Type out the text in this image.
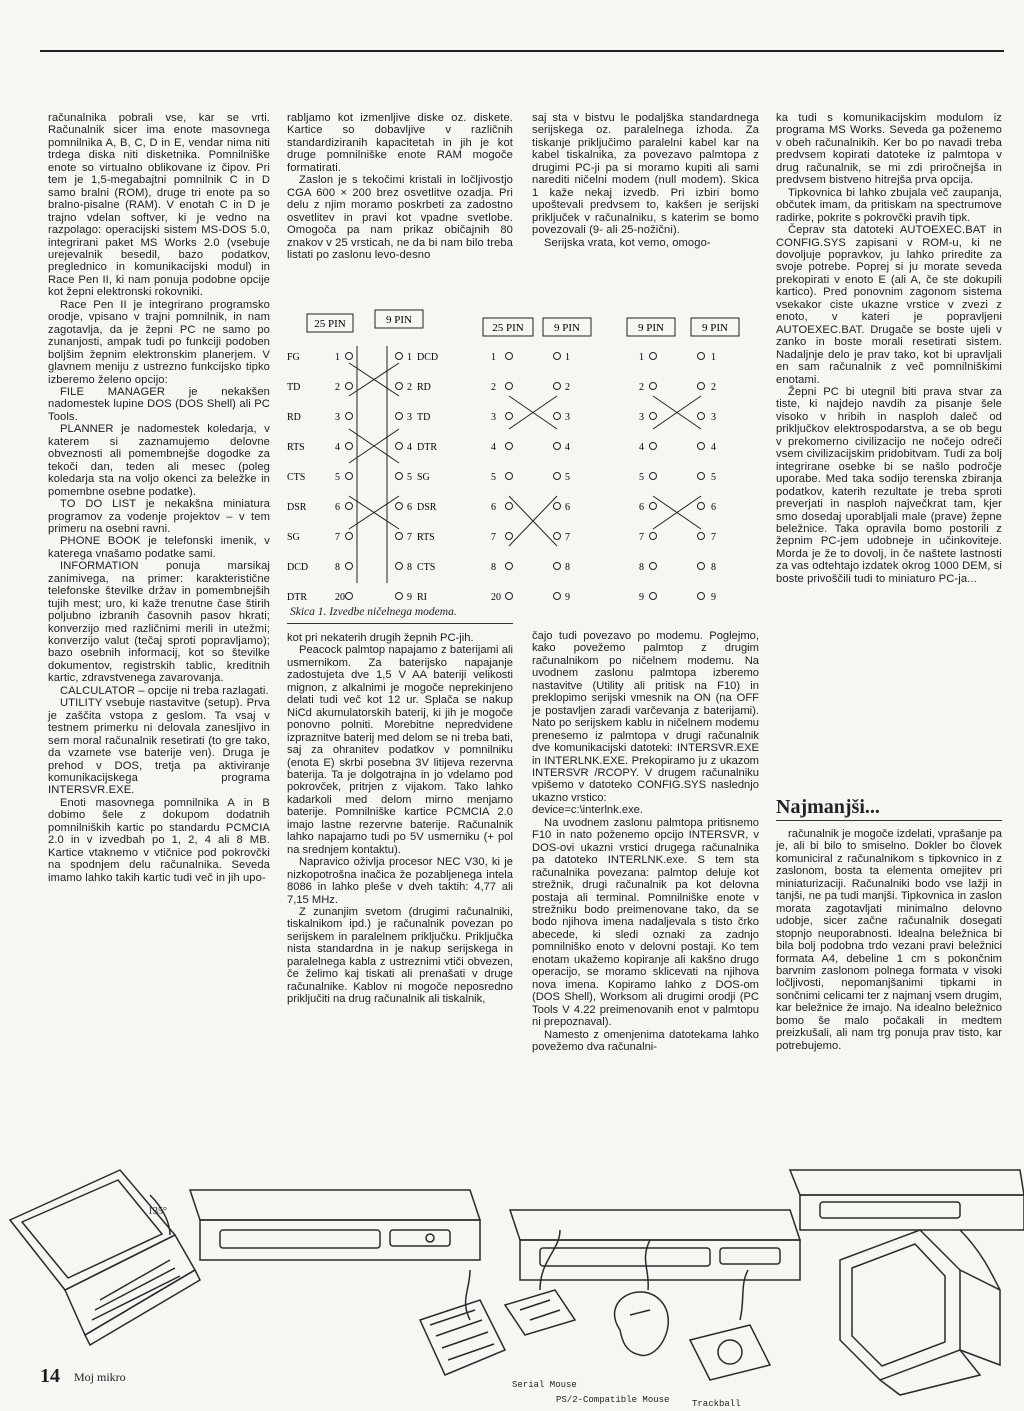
računalnika pobrali vse, kar se vrti. Računalnik sicer ima enote masovnega pomnilnika A, B, C, D in E, vendar nima niti trdega diska niti disketnika. Pomnilniške enote so virtualno oblikovane iz čipov. Pri tem je 1,5-megabajtni pomnilnik C in D samo bralni (ROM), druge tri enote pa so bralno-pisalne (RAM). V enotah C in D je trajno vdelan softver, ki je vedno na razpolago: operacijski sistem MS-DOS 5.0, integrirani paket MS Works 2.0 (vsebuje urejevalnik besedil, bazo podatkov, preglednico in komunikacijski modul) in Race Pen II, ki nam ponuja podobne opcije kot žepni elektronski rokovniki.

Race Pen II je integrirano programsko orodje, vpisano v trajni pomnilnik, in nam zagotavlja, da je žepni PC ne samo po zunanjosti, ampak tudi po funkciji podoben boljšim žepnim elektronskim planerjem. V glavnem meniju z ustrezno funkcijsko tipko izberemo želeno opcijo:

FILE MANAGER je nekakšen nadomestek lupine DOS (DOS Shell) ali PC Tools.

PLANNER je nadomestek koledarja, v katerem si zaznamujemo delovne obveznosti ali pomembnejše dogodke za tekoči dan, teden ali mesec (poleg koledarja sta na voljo okenci za beležke in pomembne osebne podatke).

TO DO LIST je nekakšna miniatura programov za vodenje projektov – v tem primeru na osebni ravni.

PHONE BOOK je telefonski imenik, v katerega vnašamo podatke sami.

INFORMATION ponuja marsikaj zanimivega, na primer: karakteristične telefonske številke držav in pomembnejših tujih mest; uro, ki kaže trenutne čase štirih poljubno izbranih časovnih pasov hkrati; konverzijo med različnimi merili in utežmi; konverzijo valut (tečaj sproti popravljamo); bazo osebnih informacij, kot so številke dokumentov, registrskih tablic, kreditnih kartic, zdravstvenega zavarovanja.

CALCULATOR – opcije ni treba razlagati.

UTILITY vsebuje nastavitve (setup). Prva je zaščita vstopa z geslom. Ta vsaj v testnem primerku ni delovala zanesljivo in sem moral računalnik resetirati (to gre tako, da vzamete vse baterije ven). Druga je prehod v DOS, tretja pa aktiviranje komunikacijskega programa INTERSVR.EXE.

Enoti masovnega pomnilnika A in B dobimo šele z dokupom dodatnih pomnilniških kartic po standardu PCMCIA 2.0 in v izvedbah po 1, 2, 4 ali 8 MB. Kartice vtaknemo v vtičnice pod pokrovčki na spodnjem delu računalnika. Seveda imamo lahko takih kartic tudi več in jih upo-

rabljamo kot izmenljive diske oz. diskete. Kartice so dobavljive v različnih standardiziranih kapacitetah in jih je kot druge pomnilniške enote RAM mogoče formatirati.

Zaslon je s tekočimi kristali in ločljivostjo CGA 600 × 200 brez osvetlitve ozadja. Pri delu z njim moramo poskrbeti za zadostno osvetlitev in pravi kot vpadne svetlobe. Omogoča pa nam prikaz običajnih 80 znakov v 25 vrsticah, ne da bi nam bilo treba listati po zaslonu levo-desno

saj sta v bistvu le podaljška standardnega serijskega oz. paralelnega izhoda. Za tiskanje priključimo paralelni kabel kar na kabel tiskalnika, za povezavo palmtopa z drugimi PC-ji pa si moramo kupiti ali sami narediti ničelni modem (null modem). Skica 1 kaže nekaj izvedb. Pri izbiri bomo upoštevali predvsem to, kakšen je serijski priključek v računalniku, s katerim se bomo povezovali (9- ali 25-nožični).

Serijska vrata, kot vemo, omogo-

ka tudi s komunikacijskim modulom iz programa MS Works. Seveda ga poženemo v obeh računalnikih. Ker bo po navadi treba predvsem kopirati datoteke iz palmtopa v drug računalnik, se mi zdi priročnejša in predvsem bistveno hitrejša prva opcija.

Tipkovnica bi lahko zbujala več zaupanja, občutek imam, da pritiskam na spectrumove radirke, pokrite s pokrovčki pravih tipk.

Čeprav sta datoteki AUTOEXEC.BAT in CONFIG.SYS zapisani v ROM-u, ki ne dovoljuje popravkov, ju lahko priredite za svoje potrebe. Poprej si ju morate seveda prekopirati v enoto E (ali A, če ste dokupili kartico). Pred ponovnim zagonom sistema vsekakor ciste ukazne vrstice v zvezi z enoto, v kateri je popravljeni AUTOEXEC.BAT. Drugače se boste ujeli v zanko in boste morali resetirati sistem. Nadaljnje delo je prav tako, kot bi upravljali en sam računalnik z več pomnilniškimi enotami.

Žepni PC bi utegnil biti prava stvar za tiste, ki najdejo navdih za pisanje šele visoko v hribih in nasploh daleč od priključkov elektrospodarstva, a se ob begu v prekomerno civilizacijo ne nočejo odreči vsem civilizacijskim pridobitvam. Tudi za bolj integrirane osebke bi se našlo področje uporabe. Med taka sodijo terenska zbiranja podatkov, katerih rezultate je treba sproti preverjati in nasploh največkrat tam, kjer smo dosedaj uporabljali male (prave) žepne beležnice. Taka opravila bomo postorili z žepnim PC-jem udobneje in učinkoviteje. Morda je že to dovolj, in če naštete lastnosti za vas odtehtajo izdatek okrog 1000 DEM, si boste privoščili tudi to miniaturo PC-ja...

25 PIN	9 PIN
FG	1	1 DCD
TD	2	2 RD
RD	3	3 TD
RTS	4	4 DTR
CTS	5	5 SG
DSR	6	6 DSR
SG	7	7 RTS
DCD	8	8 CTS
DTR	20	9 RI
25 PIN	9 PIN
1	1
2	2
3	3
4	4
5	5
6	6
7	7
8	8
20	9
9 PIN	9 PIN
1	1
2	2
3	3
4	4
5	5
6	6
7	7
8	8
9	9
Skica 1. Izvedbe ničelnega modema.

kot pri nekaterih drugih žepnih PC-jih.

Peacock palmtop napajamo z baterijami ali usmernikom. Za baterijsko napajanje zadostujeta dve 1,5 V AA bateriji velikosti mignon, z alkalnimi je mogoče neprekinjeno delati tudi več kot 12 ur. Splača se nakup NiCd akumulatorskih baterij, ki jih je mogoče ponovno polniti. Morebitne nepredvidene izpraznitve baterij med delom se ni treba bati, saj za ohranitev podatkov v pomnilniku (enota E) skrbi posebna 3V litijeva rezervna baterija. Ta je dolgotrajna in jo vdelamo pod pokrovček, pritrjen z vijakom. Tako lahko kadarkoli med delom mirno menjamo baterije. Pomnilniške kartice PCMCIA 2.0 imajo lastne rezervne baterije. Računalnik lahko napajamo tudi po 5V usmerniku (+ pol na srednjem kontaktu).

Napravico oživlja procesor NEC V30, ki je nizkopotrošna inačica že pozabljenega intela 8086 in lahko pleše v dveh taktih: 4,77 ali 7,15 MHz.

Z zunanjim svetom (drugimi računalniki, tiskalnikom ipd.) je računalnik povezan po serijskem in paralelnem priključku. Priključka nista standardna in je nakup serijskega in paralelnega kabla z ustreznimi vtiči obvezen, če želimo kaj tiskati ali prenašati v druge računalnike. Kablov ni mogoče neposredno priključiti na drug računalnik ali tiskalnik,

čajo tudi povezavo po modemu. Poglejmo, kako povežemo palmtop z drugim računalnikom po ničelnem modemu. Na uvodnem zaslonu palmtopa izberemo nastavitve (Utility ali pritisk na F10) in preklopimo serijski vmesnik na ON (na OFF je postavljen zaradi varčevanja z baterijami). Nato po serijskem kablu in ničelnem modemu prenesemo iz palmtopa v drugi računalnik dve komunikacijski datoteki: INTERSVR.EXE in INTERLNK.EXE. Prekopiramo ju z ukazom INTERSVR /RCOPY. V drugem računalniku vpišemo v datoteko CONFIG.SYS naslednjo ukazno vrstico:

device=c:\interlnk.exe.

Na uvodnem zaslonu palmtopa pritisnemo F10 in nato poženemo opcijo INTERSVR, v DOS-ovi ukazni vrstici drugega računalnika pa datoteko INTERLNK.exe. S tem sta računalnika povezana: palmtop deluje kot strežnik, drugi računalnik pa kot delovna postaja ali terminal. Pomnilniške enote v strežniku bodo preimenovane tako, da se bodo njihova imena nadaljevala s tisto črko abecede, ki sledi oznaki za zadnjo pomnilniško enoto v delovni postaji. Ko tem enotam ukažemo kopiranje ali kakšno drugo operacijo, se moramo sklicevati na njihova nova imena. Kopiramo lahko z DOS-om (DOS Shell), Worksom ali drugimi orodji (PC Tools V 4.22 preimenovanih enot v palmtopu ni prepoznaval).

Namesto z omenjenima datotekama lahko povežemo dva računalni-

Najmanjši...

računalnik je mogoče izdelati, vprašanje pa je, ali bi bilo to smiselno. Dokler bo človek komuniciral z računalnikom s tipkovnico in z zaslonom, bosta ta elementa omejitev pri miniaturizaciji. Računalniki bodo vse lažji in tanjši, ne pa tudi manjši. Tipkovnica in zaslon morata zagotavljati minimalno delovno udobje, sicer začne računalnik dosegati stopnjo neuporabnosti. Idealna beležnica bi bila bolj podobna trdo vezani pravi beležnici formata A4, debeline 1 cm s pokončnim barvnim zaslonom polnega formata v visoki ločljivosti, nepomanjšanimi tipkami in sončnimi celicami ter z najmanj vsem drugim, kar beležnice že imajo. Na idealno beležnico bomo še malo počakali in medtem preizkušali, ali nam trg ponuja prav tisto, kar potrebujemo.

135°
Serial Mouse
PS/2-Compatible Mouse	Trackball
14 Moj mikro
